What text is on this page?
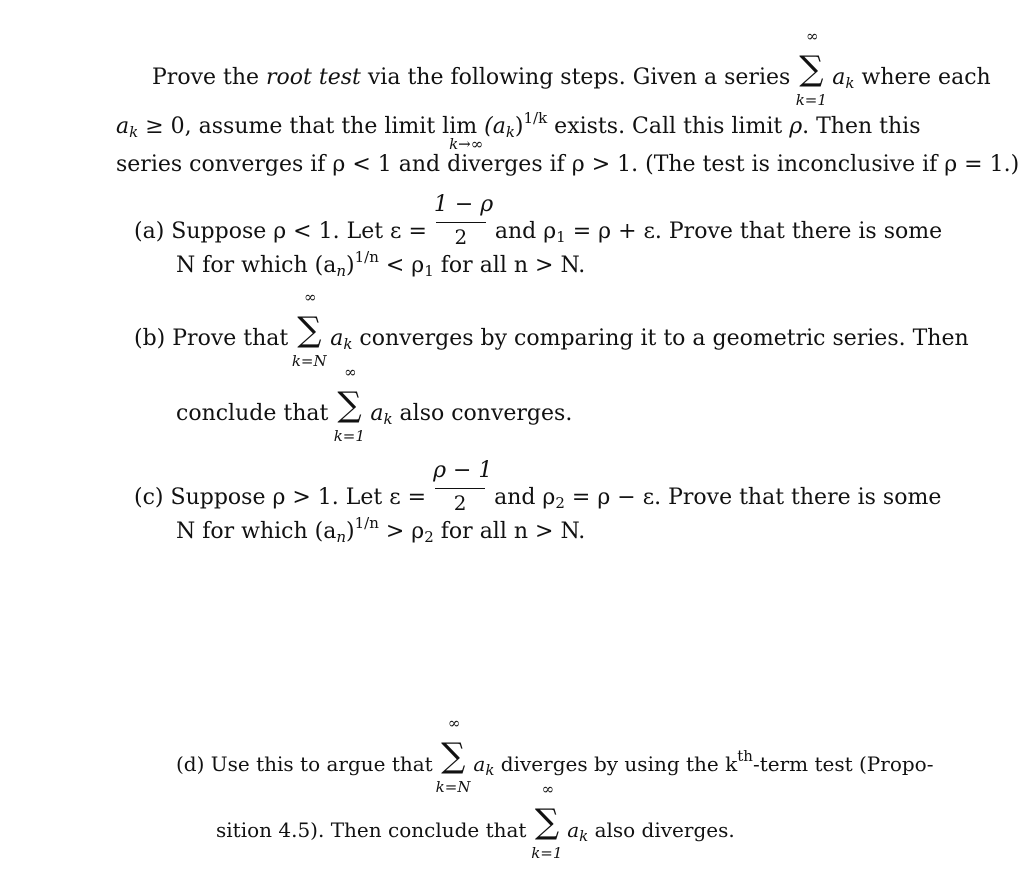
Prove the root test via the following steps. Given a series
∞
∑
k=1
$a_k$ where each
$a_k \ge 0$, assume that the limit lim
k→∞
$(a_k)^{1/k}$ exists. Call this limit ρ. Then this
series converges if ρ < 1 and diverges if ρ > 1. (The test is inconclusive if ρ = 1.)
(a) Suppose ρ < 1. Let $\varepsilon = \frac{1 - \rho}{2}$ and $\rho_1 = \rho + \varepsilon$. Prove that there is some
N for which $(a_n)^{1/n} < \rho_1$ for all n > N.
(b) Prove that
∞
∑
k=N
$a_k$ converges by comparing it to a geometric series. Then
conclude that
∞
∑
k=1
$a_k$ also converges.
(c) Suppose ρ > 1. Let $\varepsilon = \frac{\rho - 1}{2}$ and $\rho_2 = \rho - \varepsilon$. Prove that there is some
N for which $(a_n)^{1/n} > \rho_2$ for all n > N.
(d) Use this to argue that
∞
∑
k=N
$a_k$ diverges by using the $k^{th}$-term test (Propo-
sition 4.5). Then conclude that
∞
∑
k=1
$a_k$ also diverges.
